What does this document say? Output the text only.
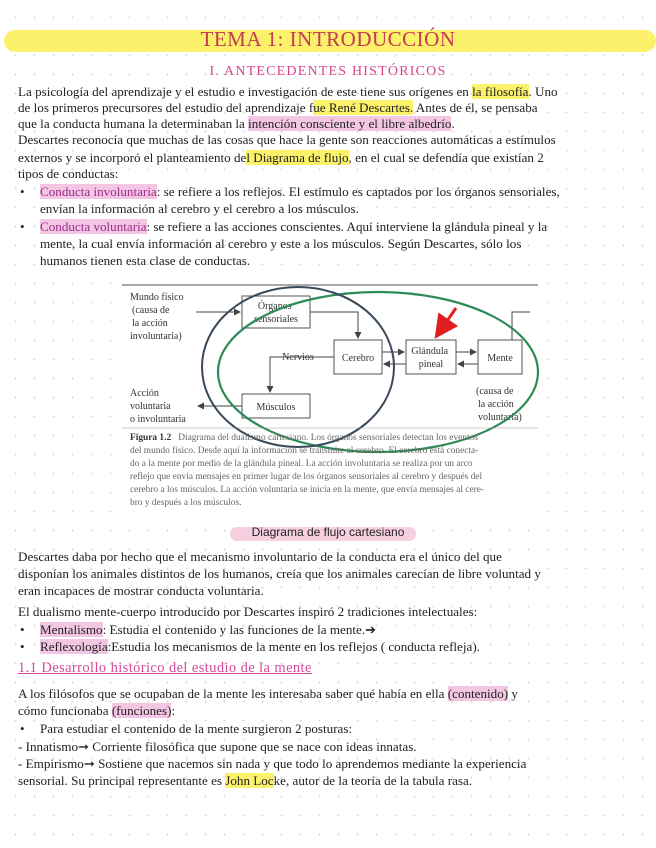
TEMA 1: INTRODUCCIÓN
I. ANTECEDENTES HISTÓRICOS
La psicología del aprendizaje y el estudio e investigación de este tiene sus orígenes en la filosofía. Uno
de los primeros precursores del estudio del aprendizaje fue René Descartes. Antes de él, se pensaba
que la conducta humana la determinaban la intención consciente y el libre albedrío.
Descartes reconocía que muchas de las cosas que hace la gente son reacciones automáticas a estímulos
externos y se incorporó el planteamiento del Diagrama de flujo, en el cual se defendía que existían 2
tipos de conductas:
• Conducta involuntaria: se refiere a los reflejos. El estímulo es captados por los órganos sensoriales,
envían la información al cerebro y el cerebro a los músculos.
• Conducta voluntaria: se refiere a las acciones conscientes. Aquí interviene la glándula pineal y la
mente, la cual envía información al cerebro y este a los músculos. Según Descartes, sólo los
humanos tienen esta clase de conductas.
Mundo físico (causa de la acción involuntaria)
Acción voluntaria o involuntaria
Órganos sensoriales
Cerebro
Glándula pineal
Mente
Músculos
Nervios
(causa de la acción voluntaria)
Figura 1.2 Diagrama del dualismo cartesiano. Los órganos sensoriales detectan los eventos
del mundo físico. Desde aquí la información se transmite al cerebro. El cerebro está conecta-
do a la mente por medio de la glándula pineal. La acción involuntaria se realiza por un arco
reflejo que envía mensajes en primer lugar de los órganos sensoriales al cerebro y después del
cerebro a los músculos. La acción voluntaria se inicia en la mente, que envía mensajes al cere-
bro y después a los músculos.
Diagrama de flujo cartesiano
Descartes daba por hecho que el mecanismo involuntario de la conducta era el único del que
disponían los animales distintos de los humanos, creía que los animales carecían de libre voluntad y
eran incapaces de mostrar conducta voluntaria.
El dualismo mente-cuerpo introducido por Descartes inspiró 2 tradiciones intelectuales:
• Mentalismo: Estudia el contenido y las funciones de la mente.➔
• Reflexología:Estudia los mecanismos de la mente en los reflejos ( conducta refleja).
1.1 Desarrollo histórico del estudio de la mente
A los filósofos que se ocupaban de la mente les interesaba saber qué había en ella (contenido) y
cómo funcionaba (funciones):
• Para estudiar el contenido de la mente surgieron 2 posturas:
- Innatismo➞ Corriente filosófica que supone que se nace con ideas innatas.
- Empirismo➞ Sostiene que nacemos sin nada y que todo lo aprendemos mediante la experiencia
sensorial. Su principal representante es John Locke, autor de la teoría de la tabula rasa.
